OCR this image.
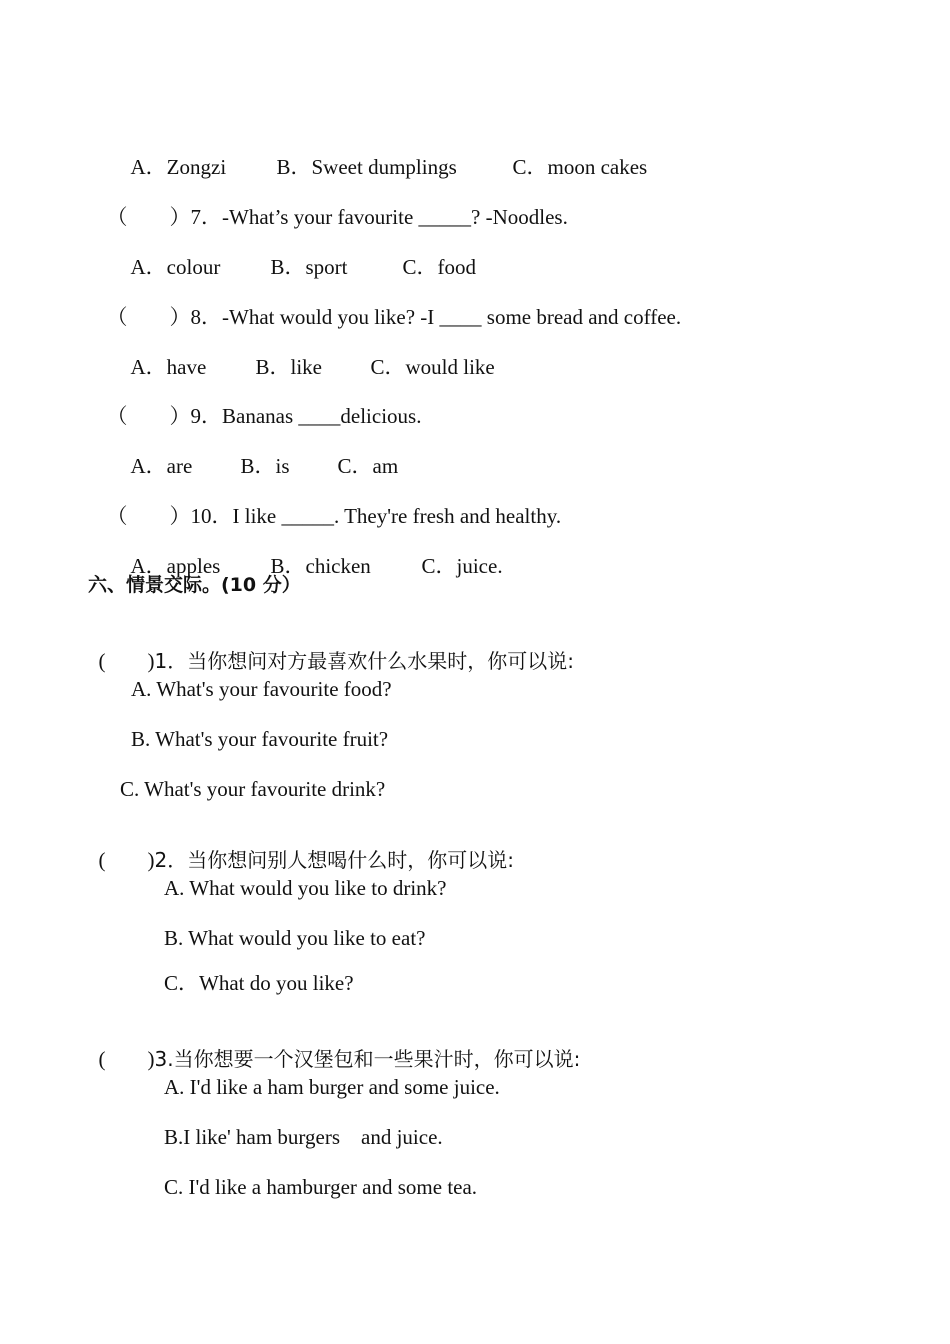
A．Zongzi B．Sweet dumplings	C．moon cakes

（　　）7．-What’s your favourite _____? -Noodles.

A．colour B．sport	C．food

（　　）8．-What would you like? -I ____ some bread and coffee.

A．have B．like C．would like

（　　）9．Bananas ____delicious.

A．are B．is C．am

（　　）10．I like _____. They're fresh and healthy.

A．apples B．chicken C．juice.

六、情景交际。(10 分）

(　　)1．当你想问对方最喜欢什么水果时，你可以说:

A. What's your favourite food?
B. What's your favourite fruit?
C. What's your favourite drink?

(　　)2．当你想问别人想喝什么时，你可以说:

A. What would you like to drink?
B. What would you like to eat?
C．What do you like?

(　　)3.当你想要一个汉堡包和一些果汁时，你可以说:

A. I'd like a ham burger and some juice.
B.I like' ham burgers    and juice.
C. I'd like a hamburger and some tea.
